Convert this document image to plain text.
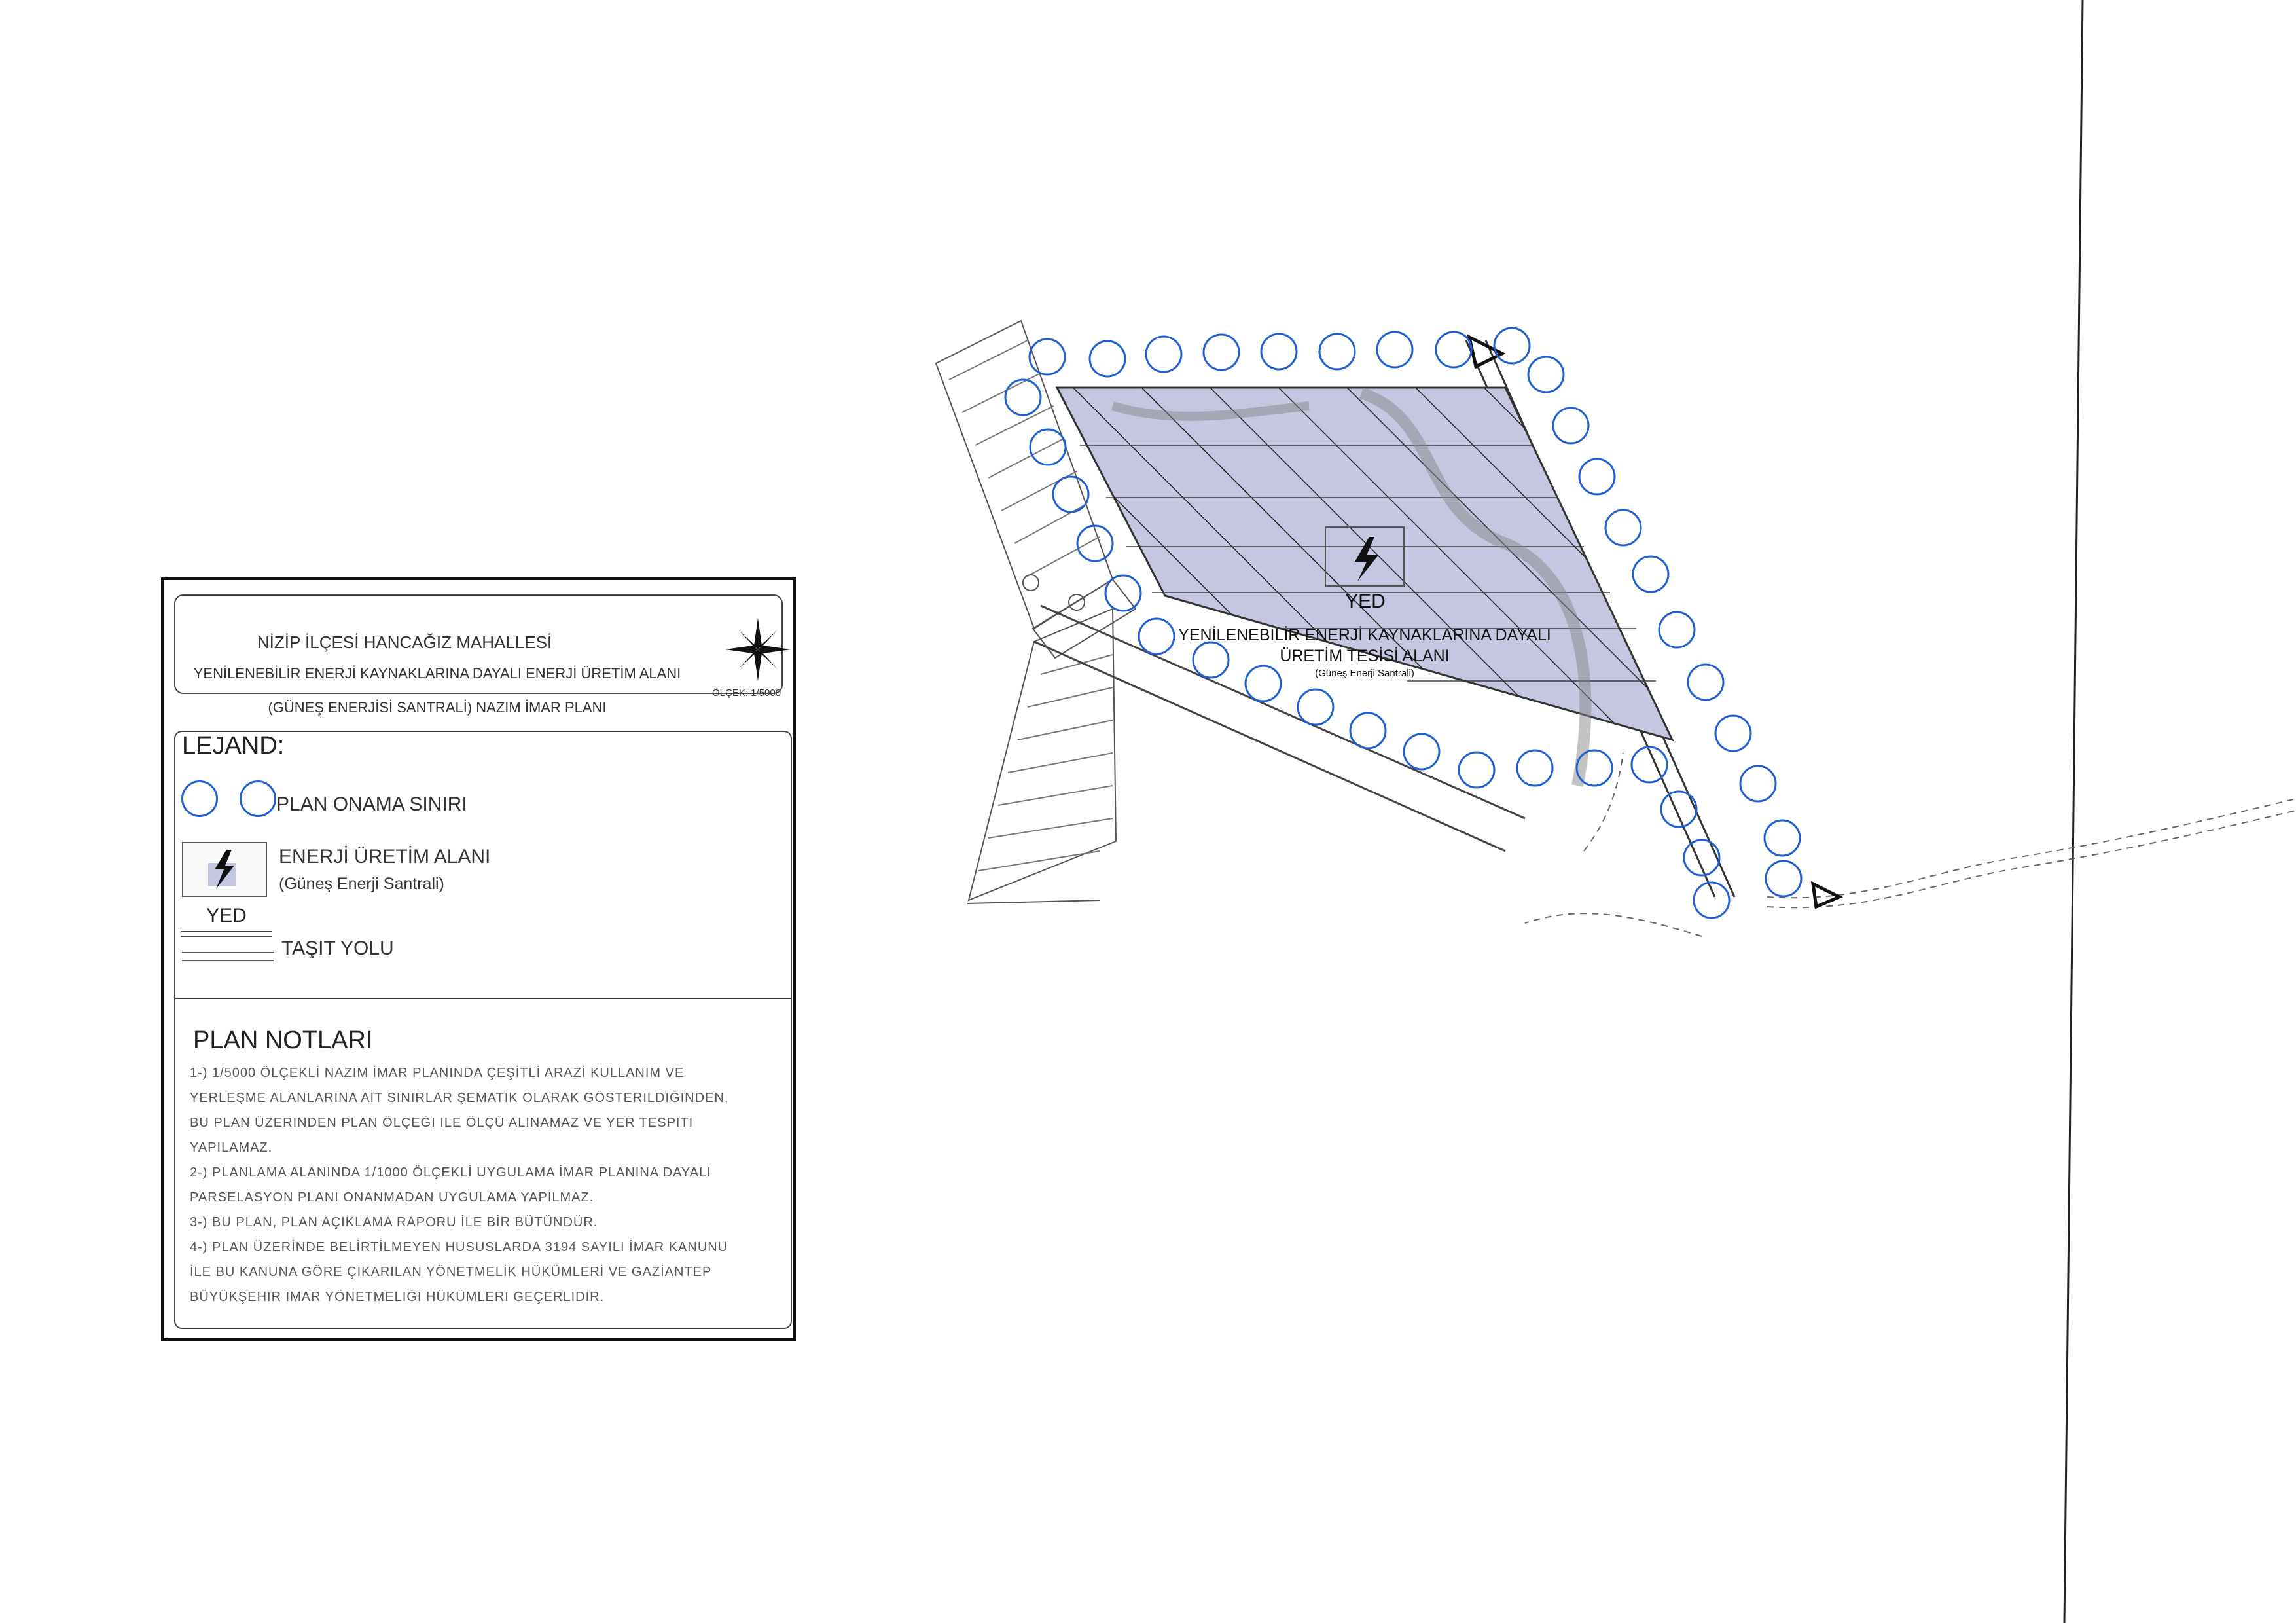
YED
YENİLENEBİLİR ENERJİ KAYNAKLARINA DAYALI
ÜRETİM TESİSİ ALANI
(Güneş Enerji Santrali)
NİZİP İLÇESİ HANCAĞIZ MAHALLESİ
YENİLENEBİLİR ENERJİ KAYNAKLARINA DAYALI ENERJİ ÜRETİM ALANI
(GÜNEŞ ENERJİSİ SANTRALİ) NAZIM İMAR PLANI
ÖLÇEK: 1/5000
LEJAND:
PLAN ONAMA SINIRI
ENERJİ ÜRETİM ALANI
(Güneş Enerji Santrali)
YED
TAŞIT YOLU
PLAN NOTLARI
1-) 1/5000 ÖLÇEKLİ NAZIM İMAR PLANINDA ÇEŞİTLİ ARAZİ KULLANIM VE
YERLEŞME ALANLARINA AİT SINIRLAR ŞEMATİK OLARAK GÖSTERİLDİĞİNDEN,
BU PLAN ÜZERİNDEN PLAN ÖLÇEĞİ İLE ÖLÇÜ ALINAMAZ VE YER TESPİTİ
YAPILAMAZ.
2-) PLANLAMA ALANINDA 1/1000 ÖLÇEKLİ UYGULAMA İMAR PLANINA DAYALI
PARSELASYON PLANI ONANMADAN UYGULAMA YAPILMAZ.
3-) BU PLAN, PLAN AÇIKLAMA RAPORU İLE BİR BÜTÜNDÜR.
4-) PLAN ÜZERİNDE BELİRTİLMEYEN HUSUSLARDA 3194 SAYILI İMAR KANUNU
İLE BU KANUNA GÖRE ÇIKARILAN YÖNETMELİK HÜKÜMLERİ VE GAZİANTEP
BÜYÜKŞEHİR İMAR YÖNETMELİĞİ HÜKÜMLERİ GEÇERLİDİR.
